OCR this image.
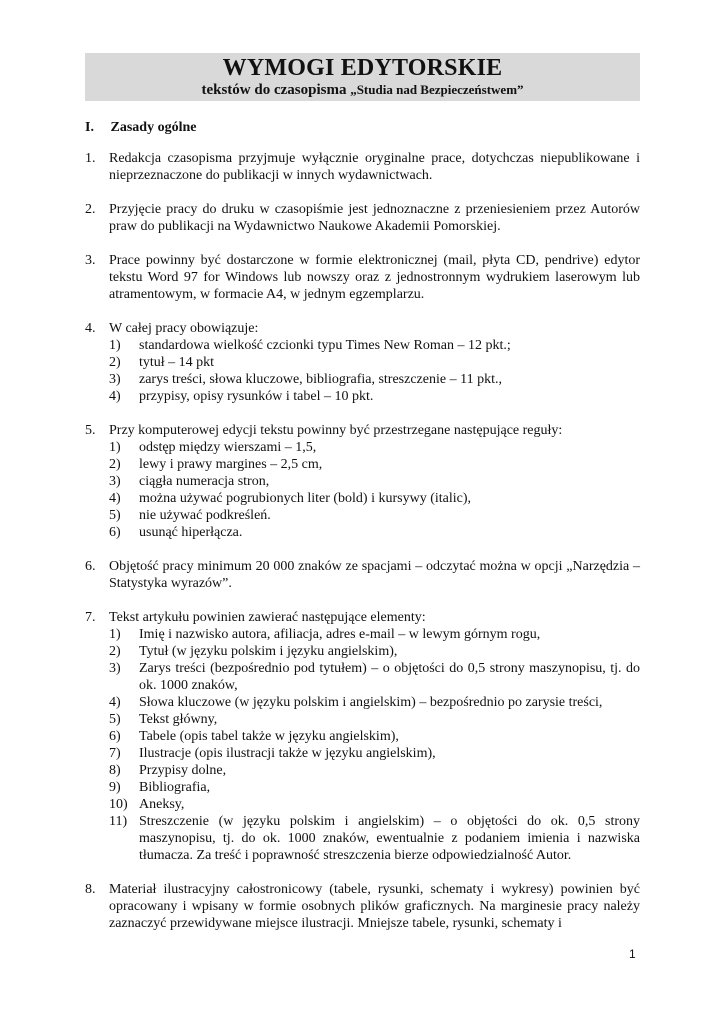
WYMOGI EDYTORSKIE
tekstów do czasopisma „Studia nad Bezpieczeństwem”
I. Zasady ogólne
1. Redakcja czasopisma przyjmuje wyłącznie oryginalne prace, dotychczas niepublikowane i nieprzeznaczone do publikacji w innych wydawnictwach.
2. Przyjęcie pracy do druku w czasopiśmie jest jednoznaczne z przeniesieniem przez Autorów praw do publikacji na Wydawnictwo Naukowe Akademii Pomorskiej.
3. Prace powinny być dostarczone w formie elektronicznej (mail, płyta CD, pendrive) edytor tekstu Word 97 for Windows lub nowszy oraz z jednostronnym wydrukiem laserowym lub atramentowym, w formacie A4, w jednym egzemplarzu.
4. W całej pracy obowiązuje:
1)	standardowa wielkość czcionki typu Times New Roman – 12 pkt.;
2)	tytuł – 14 pkt
3)	zarys treści, słowa kluczowe, bibliografia, streszczenie – 11 pkt.,
4)	przypisy, opisy rysunków i tabel – 10 pkt.
5. Przy komputerowej edycji tekstu powinny być przestrzegane następujące reguły:
1)	odstęp między wierszami – 1,5,
2)	lewy i prawy margines – 2,5 cm,
3)	ciągła numeracja stron,
4)	można używać pogrubionych liter (bold) i kursywy (italic),
5)	nie używać podkreśleń.
6)	usunąć hiperłącza.
6. Objętość pracy minimum 20 000 znaków ze spacjami – odczytać można w opcji „Narzędzia – Statystyka wyrazów”.
7. Tekst artykułu powinien zawierać następujące elementy:
1)	Imię i nazwisko autora, afiliacja, adres e-mail – w lewym górnym rogu,
2)	Tytuł (w języku polskim i języku angielskim),
3)	Zarys treści (bezpośrednio pod tytułem) – o objętości do 0,5 strony maszynopisu, tj. do ok. 1000 znaków,
4)	Słowa kluczowe (w języku polskim i angielskim) – bezpośrednio po zarysie treści,
5)	Tekst główny,
6)	Tabele (opis tabel także w języku angielskim),
7)	Ilustracje (opis ilustracji także w języku angielskim),
8)	Przypisy dolne,
9)	Bibliografia,
10) Aneksy,
11) Streszczenie (w języku polskim i angielskim) – o objętości do ok. 0,5 strony maszynopisu, tj. do ok. 1000 znaków, ewentualnie z podaniem imienia i nazwiska tłumacza. Za treść i poprawność streszczenia bierze odpowiedzialność Autor.
8. Materiał ilustracyjny całostronicowy (tabele, rysunki, schematy i wykresy) powinien być opracowany i wpisany w formie osobnych plików graficznych. Na marginesie pracy należy zaznaczyć przewidywane miejsce ilustracji. Mniejsze tabele, rysunki, schematy i
1
